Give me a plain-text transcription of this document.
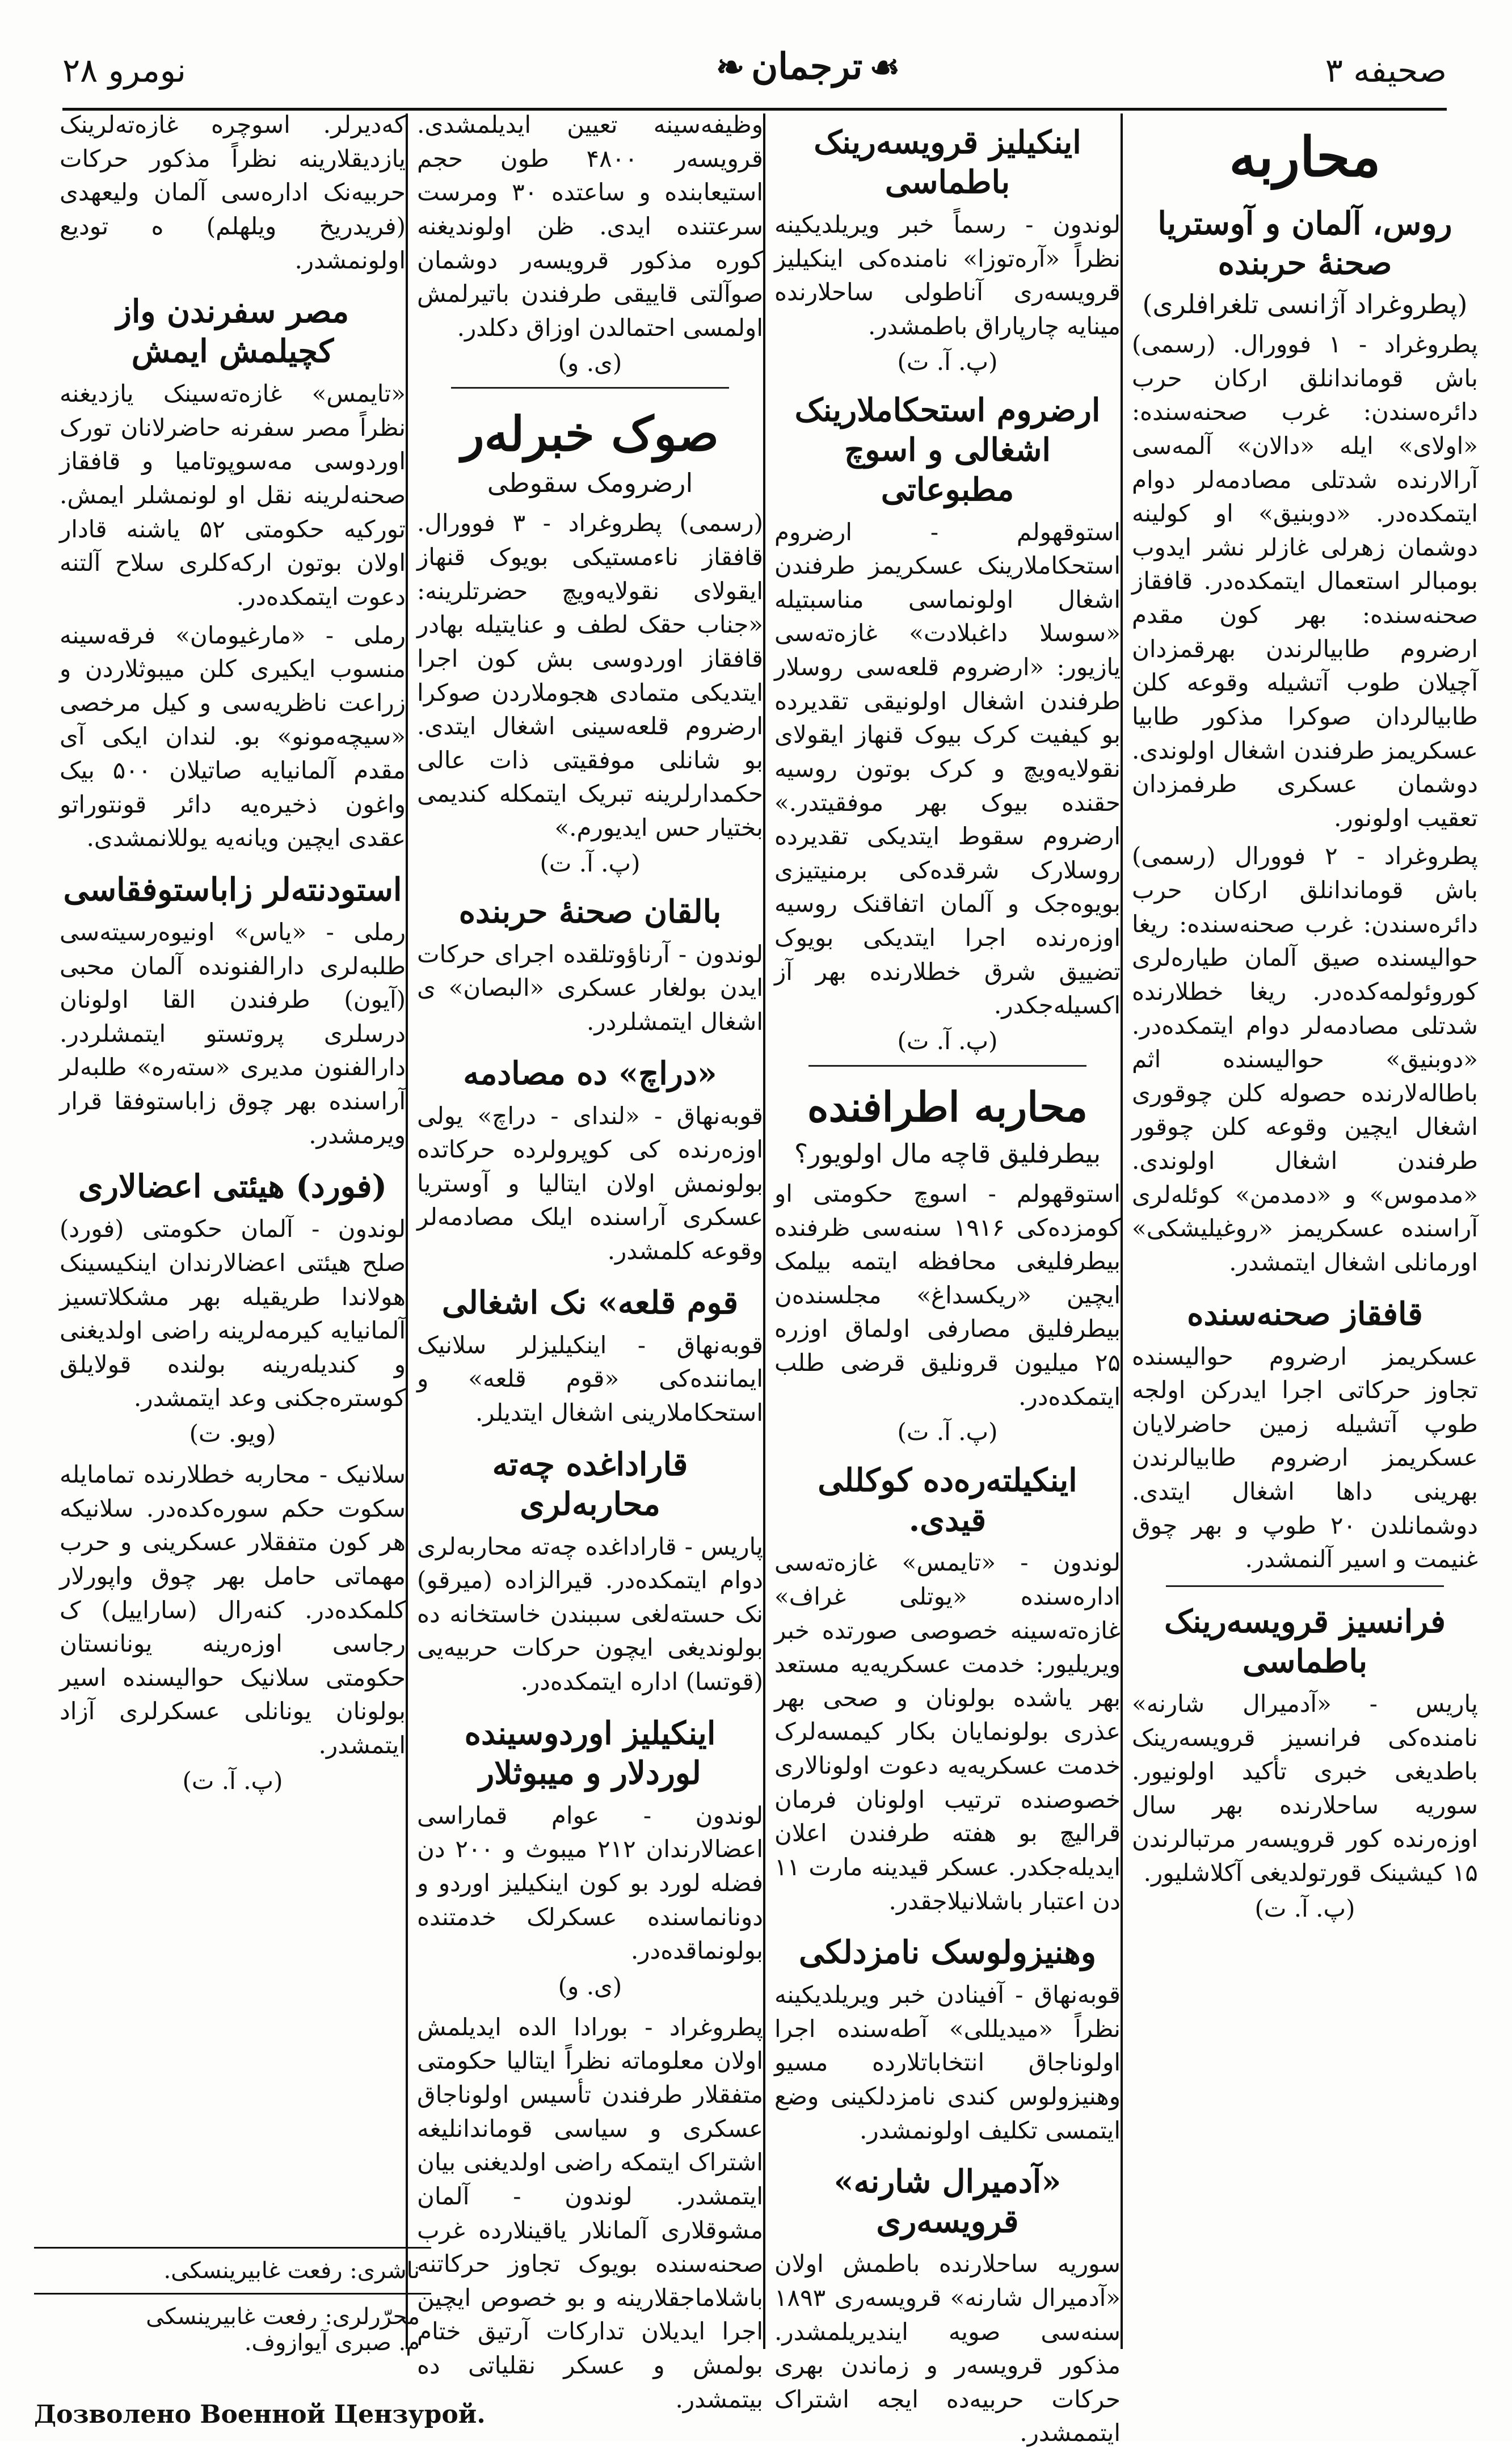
نومرو ۲۸	❧ ترجمان ☙	صحیفه ۳
محاربه
روس، آلمان و آوستریا صحنهٔ حربنده
(پطروغراد آژانسی تلغرافلری)

پطروغراد - ۱ فوورال. (رسمی) باش قوماندانلق ارکان حرب دائره‌سندن: غرب صحنه‌سنده: «اولای» ایله «دالان» آلمه‌سی آرالارنده شدتلی مصادمه‌لر دوام ایتمکده‌در. «دوبنیق» او کولینه دوشمان زهرلی غازلر نشر ایدوب بومبالر استعمال ایتمکده‌در. قافقاز صحنه‌سنده: بهر کون مقدم ارضروم طابیالرندن بهرقمزدان آچیلان طوب آتشیله وقوعه کلن طابیالردان صوکرا مذکور طابیا عسکریمز طرفندن اشغال اولوندی. دوشمان عسکری طرفمزدان تعقیب اولونور.

پطروغراد - ۲ فوورال (رسمی) باش قوماندانلق ارکان حرب دائره‌سندن: غرب صحنه‌سنده: ریغا حوالیسنده صیق آلمان طیاره‌لری کوروئولمه‌کده‌در. ریغا خطلارنده شدتلی مصادمه‌لر دوام ایتمکده‌در. «دوبنیق» حوالیسنده اثم باطاله‌لارنده حصوله کلن چوقوری اشغال ایچین وقوعه کلن چوقور طرفندن اشغال اولوندی. «مدموس» و «دمدمن» کوئله‌لری آراسنده عسکریمز «روغیلیشکی» اورمانلی اشغال ایتمشدر.

قافقاز صحنه‌سنده

عسکریمز ارضروم حوالیسنده تجاوز حرکاتی اجرا ایدرکن اولجه طوپ آتشیله زمین حاضرلایان عسکریمز ارضروم طابیالرندن بهرینی داها اشغال ایتدی. دوشمانلدن ۲۰ طوپ و بهر چوق غنیمت و اسیر آلنمشدر.

فرانسیز قرویسه‌رینک باطماسی

پاریس - «آدمیرال شارنه» نامنده‌کی فرانسیز قرویسه‌رینک باطدیغی خبری تأکید اولونیور. سوریه ساحلارنده بهر سال اوزه‌رنده کور قرویسه‌ر مرتبالرندن ۱۵ کیشینک قورتولدیغی آکلاشلیور.

(پ. آ. ت)
اینکیلیز قرویسه‌رینک باطماسی

لوندون - رسماً خبر ویریلدیکینه نظراً «آره‌توزا» نامنده‌کی اینکیلیز قرویسه‌ری آناطولی ساحلارنده مینایه چارپاراق باطمشدر.

(پ. آ. ت)
ارضروم استحکاملارینک اشغالی و اسوچ مطبوعاتی

استوقهولم - ارضروم استحکاملارینک عسکریمز طرفندن اشغال اولونماسی مناسبتیله «سوسلا داغبلادت» غازه‌ته‌سی یازیور: «ارضروم قلعه‌سی روسلار طرفندن اشغال اولونیقی تقدیرده بو کیفیت کرک بیوک قنهاز ایقولای نقولایه‌ویچ و کرک بوتون روسیه حقنده بیوک بهر موفقیتدر.» ارضروم سقوط ایتدیکی تقدیرده روسلارک شرقده‌کی برمنیتیزی بویوه‌جک و آلمان اتفاقنک روسیه اوزه‌رنده اجرا ایتدیکی بویوک تضییق شرق خطلارنده بهر آز اکسیله‌جکدر.

(پ. آ. ت)
محاربه اطرافنده
بیطرفلیق قاچه مال اولویور؟

استوقهولم - اسوچ حکومتی او کومزده‌کی ۱۹۱۶ سنه‌سی ظرفنده بیطرفلیغی محافظه ایتمه بیلمک ایچین «ریکسداغ» مجلسنده‌ن بیطرفلیق مصارفی اولماق اوزره ۲۵ میلیون قرونلیق قرضی طلب ایتمکده‌در.

(پ. آ. ت)
اینکیلته‌ره‌ده کوکللی قیدی.

لوندون - «تایمس» غازه‌ته‌سی اداره‌سنده «یوتلی غراف» غازه‌ته‌سینه خصوصی صورتده خبر ویریلیور: خدمت عسکریه‌یه مستعد بهر یاشده بولونان و صحی بهر عذری بولونمایان بکار کیمسه‌لرک خدمت عسکریه‌یه دعوت اولونالاری خصوصنده ترتیب اولونان فرمان قرالیچ بو هفته طرفندن اعلان ایدیله‌جکدر. عسکر قیدینه مارت ۱۱ دن اعتبار باشلانیلاجقدر.

وهنیزولوسک نامزدلکی

قوبه‌نهاق - آفینادن خبر ویریلدیکینه نظراً «میدیللی» آطه‌سنده اجرا اولوناجاق انتخاباتلارده مسیو وهنیزولوس کندی نامزدلکینی وضع ایتمسی تکلیف اولونمشدر.

«آدمیرال شارنه» قرویسه‌ری

سوریه ساحلارنده باطمش اولان «آدمیرال شارنه» قرویسه‌ری ۱۸۹۳ سنه‌سی صویه ایندیریلمشدر. مذکور قرویسه‌ر و زماندن بهری حرکات حربیه‌ده ایجه اشتراک ایتممشدر.

وظیفه‌سینه تعیین ایدیلمشدی. قرویسه‌ر ۴۸۰۰ طون حجم استیعابنده و ساعتده ۳۰ ومرست سرعتنده ایدی. ظن اولوندیغنه کوره مذکور قرویسه‌ر دوشمان صوآلتی قاییقی طرفندن باتیرلمش اولمسی احتمالدن اوزاق دکلدر.

(ی. و)
صوک خبرله‌ر
ارضرومک سقوطی

(رسمی) پطروغراد - ۳ فوورال. قافقاز ناءمستیکی بویوک قنهاز ایقولای نقولایه‌ویچ حضرتلرینه: «جناب حقک لطف و عنایتیله بهادر قافقاز اوردوسی بش کون اجرا ایتدیکی متمادی هجوملاردن صوکرا ارضروم قلعه‌سینی اشغال ایتدی. بو شانلی موفقیتی ذات عالی حکمدارلرینه تبریک ایتمکله کندیمی بختیار حس ایدیورم.»

(پ. آ. ت)
بالقان صحنهٔ حربنده

لوندون - آرناؤوتلقده اجرای حرکات ایدن بولغار عسکری «البصان» ی اشغال ایتمشلردر.

«دراچ» ده مصادمه

قوبه‌نهاق - «لندای - دراچ» یولی اوزه‌رنده کی کوپرولرده حرکاتده بولونمش اولان ایتالیا و آوستریا عسکری آراسنده ایلک مصادمه‌لر وقوعه کلمشدر.

قوم قلعه» نک اشغالی

قوبه‌نهاق - اینکیلیزلر سلانیک ایماننده‌کی «قوم قلعه» و استحکاملارینی اشغال ایتدیلر.

قاراداغده چه‌ته محاربه‌لری

پاریس - قاراداغده چه‌ته محاربه‌لری دوام ایتمکده‌در. قیرالزاده (میرقو) نک حسته‌لغی سببندن خاستخانه ده بولوندیغی ایچون حرکات حربیه‌یی (قوتسا) اداره ایتمکده‌در.

اینکیلیز اوردوسینده لوردلار و میبوثلار

لوندون - عوام قماراسی اعضالارندان ۲۱۲ میبوث و ۲۰۰ دن فضله لورد بو کون اینکیلیز اوردو و دونانماسنده عسکرلک خدمتنده بولونماقده‌در.

(ی. و)

پطروغراد - بورادا الده ایدیلمش اولان معلوماته نظراً ایتالیا حکومتی متفقلار طرفندن تأسیس اولوناجاق عسکری و سیاسی قوماندانلیغه اشتراک ایتمکه راضی اولدیغنی بیان ایتمشدر. لوندون - آلمان مشوقلاری آلمانلار یاقینلارده غرب صحنه‌سنده بویوک تجاوز حرکاتنه باشلاماجقلارینه و بو خصوص ایچین اجرا ایدیلان تدارکات آرتیق ختام بولمش و عسکر نقلیاتی ده بیتمشدر.

که‌دیرلر. اسوچره غازه‌ته‌لرینک یازدیقلارینه نظراً مذکور حرکات حربیه‌نک اداره‌سی آلمان ولیعهدی (فریدریخ ویلهلم) ه توديع اولونمشدر.

مصر سفرندن واز کچیلمش ایمش

«تایمس» غازه‌ته‌سینک یازدیغنه نظراً مصر سفرنه حاضرلانان تورک اوردوسی مه‌سوپوتامیا و قافقاز صحنه‌لرینه نقل او لونمشلر ایمش. تورکیه حکومتی ۵۲ یاشنه قادار اولان بوتون ارکه‌کلری سلاح آلتنه دعوت ایتمکده‌در.

رملی - «مارغیومان» فرقه‌سینه منسوب ایکیری کلن میبوثلاردن و زراعت ناظریه‌سی و کیل مرخصی «سیچه‌مونو» بو. لندان ایکی آی مقدم آلمانیایه صاتیلان ۵۰۰ بیک واغون ذخیره‌یه دائر قونتوراتو عقدی ایچین ویانه‌یه یوللانمشدی.

استودنته‌لر زاباستوفقاسی

رملی - «یاس» اونیوه‌رسیته‌سی طلبه‌لری دارالفنونده آلمان محبی (آیون) طرفندن القا اولونان درسلری پروتستو ایتمشلردر. دارالفنون مدیری «سته‌ره» طلبه‌لر آراسنده بهر چوق زاباستوفقا قرار ویرمشدر.

(فورد) هیئتی اعضالاری

لوندون - آلمان حکومتی (فورد) صلح هیئتی اعضالارندان اینکیسینک هولاندا طریقیله بهر مشکلاتسیز آلمانیایه کیرمه‌لرینه راضی اولدیغنی و کندیله‌رینه بولنده قولایلق کوستره‌جکنی وعد ایتمشدر.

(ویو. ت)

سلانیک - محاربه خطلارنده‌ تماما‌یله سکوت حکم سوره‌کده‌در. سلانیکه هر کون متفقلار عسکرینی و حرب مهماتی حامل بهر چوق واپورلار کلمکده‌در. کنه‌رال (ساراییل) ک رجاسی اوزه‌رینه یونانستان حکومتی سلانیک حوالیسنده اسیر بولونان یونانلی عسکرلری آزاد ایتمشدر.

(پ. آ. ت)
ناشری: رفعت غابیرینسکی.
محرّرلری: رفعت غابیرینسکی
م. صبری آیواز‌وف.
Дозволено Военной Цензурой.
